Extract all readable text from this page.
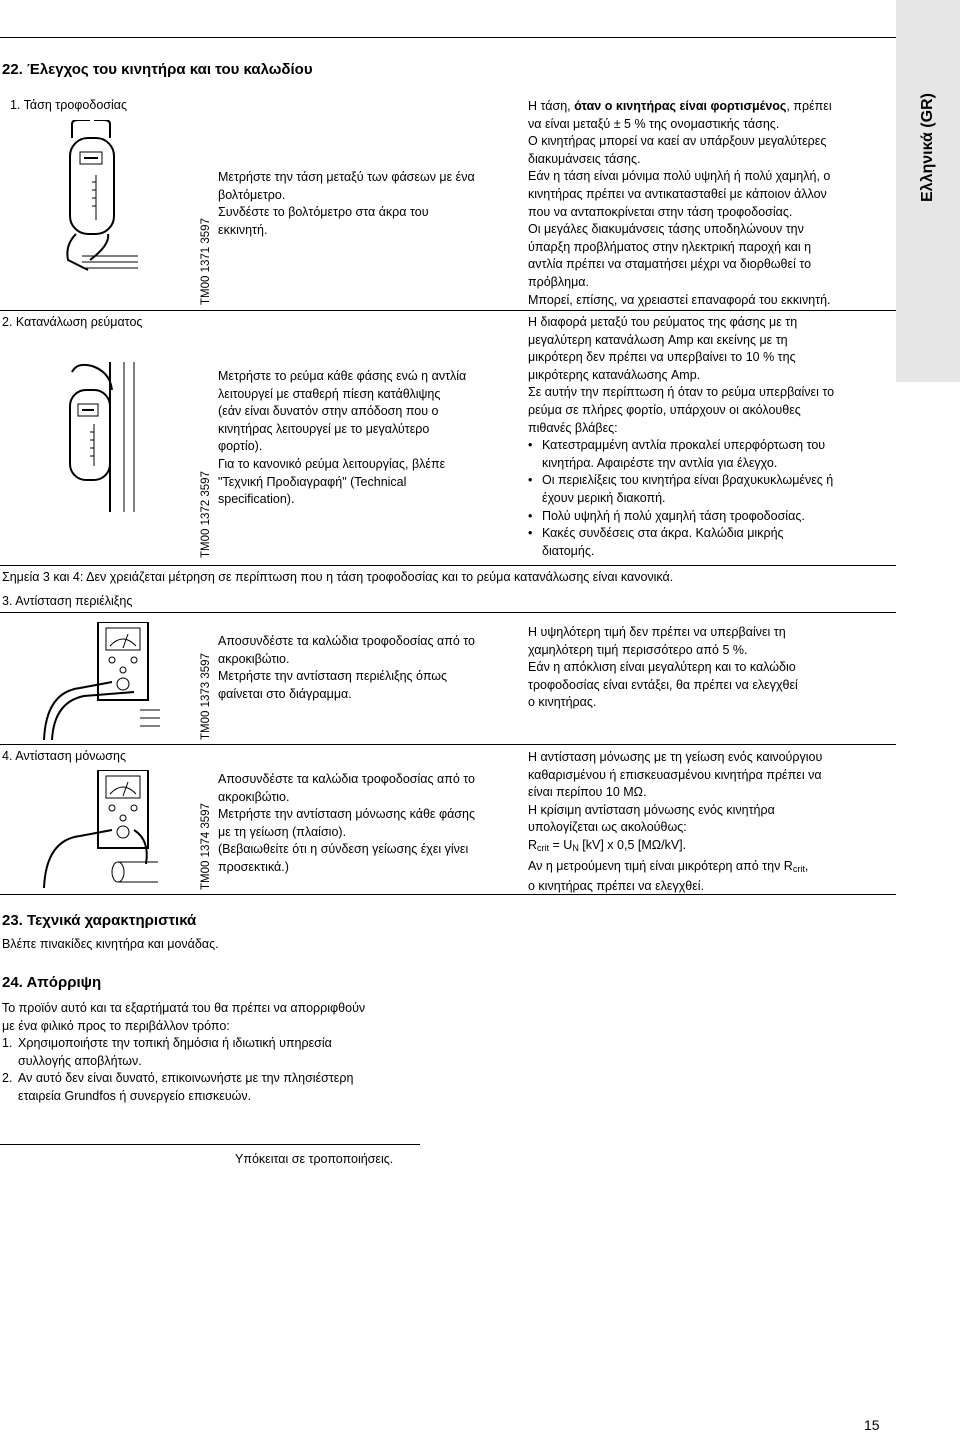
Ελληνικά (GR)
22. Έλεγχος του κινητήρα και του καλωδίου
1. Τάση τροφοδοσίας
TM00 1371 3597

Μετρήστε την τάση μεταξύ των φάσεων με ένα

βολτόμετρο.

Συνδέστε το βολτόμετρο στα άκρα του

εκκινητή.

Η τάση, όταν ο κινητήρας είναι φορτισμένος, πρέπει

να είναι μεταξύ ± 5 % της ονομαστικής τάσης.

Ο κινητήρας μπορεί να καεί αν υπάρξουν μεγαλύτερες

διακυμάνσεις τάσης.

Εάν η τάση είναι μόνιμα πολύ υψηλή ή πολύ χαμηλή, ο

κινητήρας πρέπει να αντικατασταθεί με κάποιον άλλον

που να ανταποκρίνεται στην τάση τροφοδοσίας.

Οι μεγάλες διακυμάνσεις τάσης υποδηλώνουν την

ύπαρξη προβλήματος στην ηλεκτρική παροχή και η

αντλία πρέπει να σταματήσει μέχρι να διορθωθεί το

πρόβλημα.

Μπορεί, επίσης, να χρειαστεί επαναφορά του εκκινητή.

2. Κατανάλωση ρεύματος
TM00 1372 3597

Μετρήστε το ρεύμα κάθε φάσης ενώ η αντλία

λειτουργεί με σταθερή πίεση κατάθλιψης

(εάν είναι δυνατόν στην απόδοση που ο

κινητήρας λειτουργεί με το μεγαλύτερο

φορτίο).

Για το κανονικό ρεύμα λειτουργίας, βλέπε

"Τεχνική Προδιαγραφή" (Technical

specification).

Η διαφορά μεταξύ του ρεύματος της φάσης με τη

μεγαλύτερη κατανάλωση Amp και εκείνης με τη

μικρότερη δεν πρέπει να υπερβαίνει το 10 % της

μικρότερης κατανάλωσης Amp.

Σε αυτήν την περίπτωση ή όταν το ρεύμα υπερβαίνει το

ρεύμα σε πλήρες φορτίο, υπάρχουν οι ακόλουθες

πιθανές βλάβες:

• Κατεστραμμένη αντλία προκαλεί υπερφόρτωση του
κινητήρα. Αφαιρέστε την αντλία για έλεγχο.
• Οι περιελίξεις του κινητήρα είναι βραχυκυκλωμένες ή
έχουν μερική διακοπή.
• Πολύ υψηλή ή πολύ χαμηλή τάση τροφοδοσίας.
• Κακές συνδέσεις στα άκρα. Καλώδια μικρής
διατομής.
Σημεία 3 και 4: Δεν χρειάζεται μέτρηση σε περίπτωση που η τάση τροφοδοσίας και το ρεύμα κατανάλωσης είναι κανονικά.
3. Αντίσταση περιέλιξης
TM00 1373 3597

Αποσυνδέστε τα καλώδια τροφοδοσίας από το

ακροκιβώτιο.

Μετρήστε την αντίσταση περιέλιξης όπως

φαίνεται στο διάγραμμα.

Η υψηλότερη τιμή δεν πρέπει να υπερβαίνει τη

χαμηλότερη τιμή περισσότερο από 5 %.

Εάν η απόκλιση είναι μεγαλύτερη και το καλώδιο

τροφοδοσίας είναι εντάξει, θα πρέπει να ελεγχθεί

ο κινητήρας.

4. Αντίσταση μόνωσης
TM00 1374 3597

Αποσυνδέστε τα καλώδια τροφοδοσίας από το

ακροκιβώτιο.

Μετρήστε την αντίσταση μόνωσης κάθε φάσης

με τη γείωση (πλαίσιο).

(Βεβαιωθείτε ότι η σύνδεση γείωσης έχει γίνει

προσεκτικά.)

Η αντίσταση μόνωσης με τη γείωση ενός καινούργιου

καθαρισμένου ή επισκευασμένου κινητήρα πρέπει να

είναι περίπου 10 MΩ.

Η κρίσιμη αντίσταση μόνωσης ενός κινητήρα

υπολογίζεται ως ακολούθως:

$R_{crit} = U_N$ [kV] x 0,5 [MΩ/kV].

Αν η μετρούμενη τιμή είναι μικρότερη από την $R_{crit}$,

ο κινητήρας πρέπει να ελεγχθεί.

23. Τεχνικά χαρακτηριστικά
Βλέπε πινακίδες κινητήρα και μονάδας.
24. Απόρριψη

Το προϊόν αυτό και τα εξαρτήματά του θα πρέπει να απορριφθούν

με ένα φιλικό προς το περιβάλλον τρόπο:

1. Χρησιμοποιήστε την τοπική δημόσια ή ιδιωτική υπηρεσία
συλλογής αποβλήτων.
2. Αν αυτό δεν είναι δυνατό, επικοινωνήστε με την πλησιέστερη
εταιρεία Grundfos ή συνεργείο επισκευών.
Υπόκειται σε τροποποιήσεις.
15
